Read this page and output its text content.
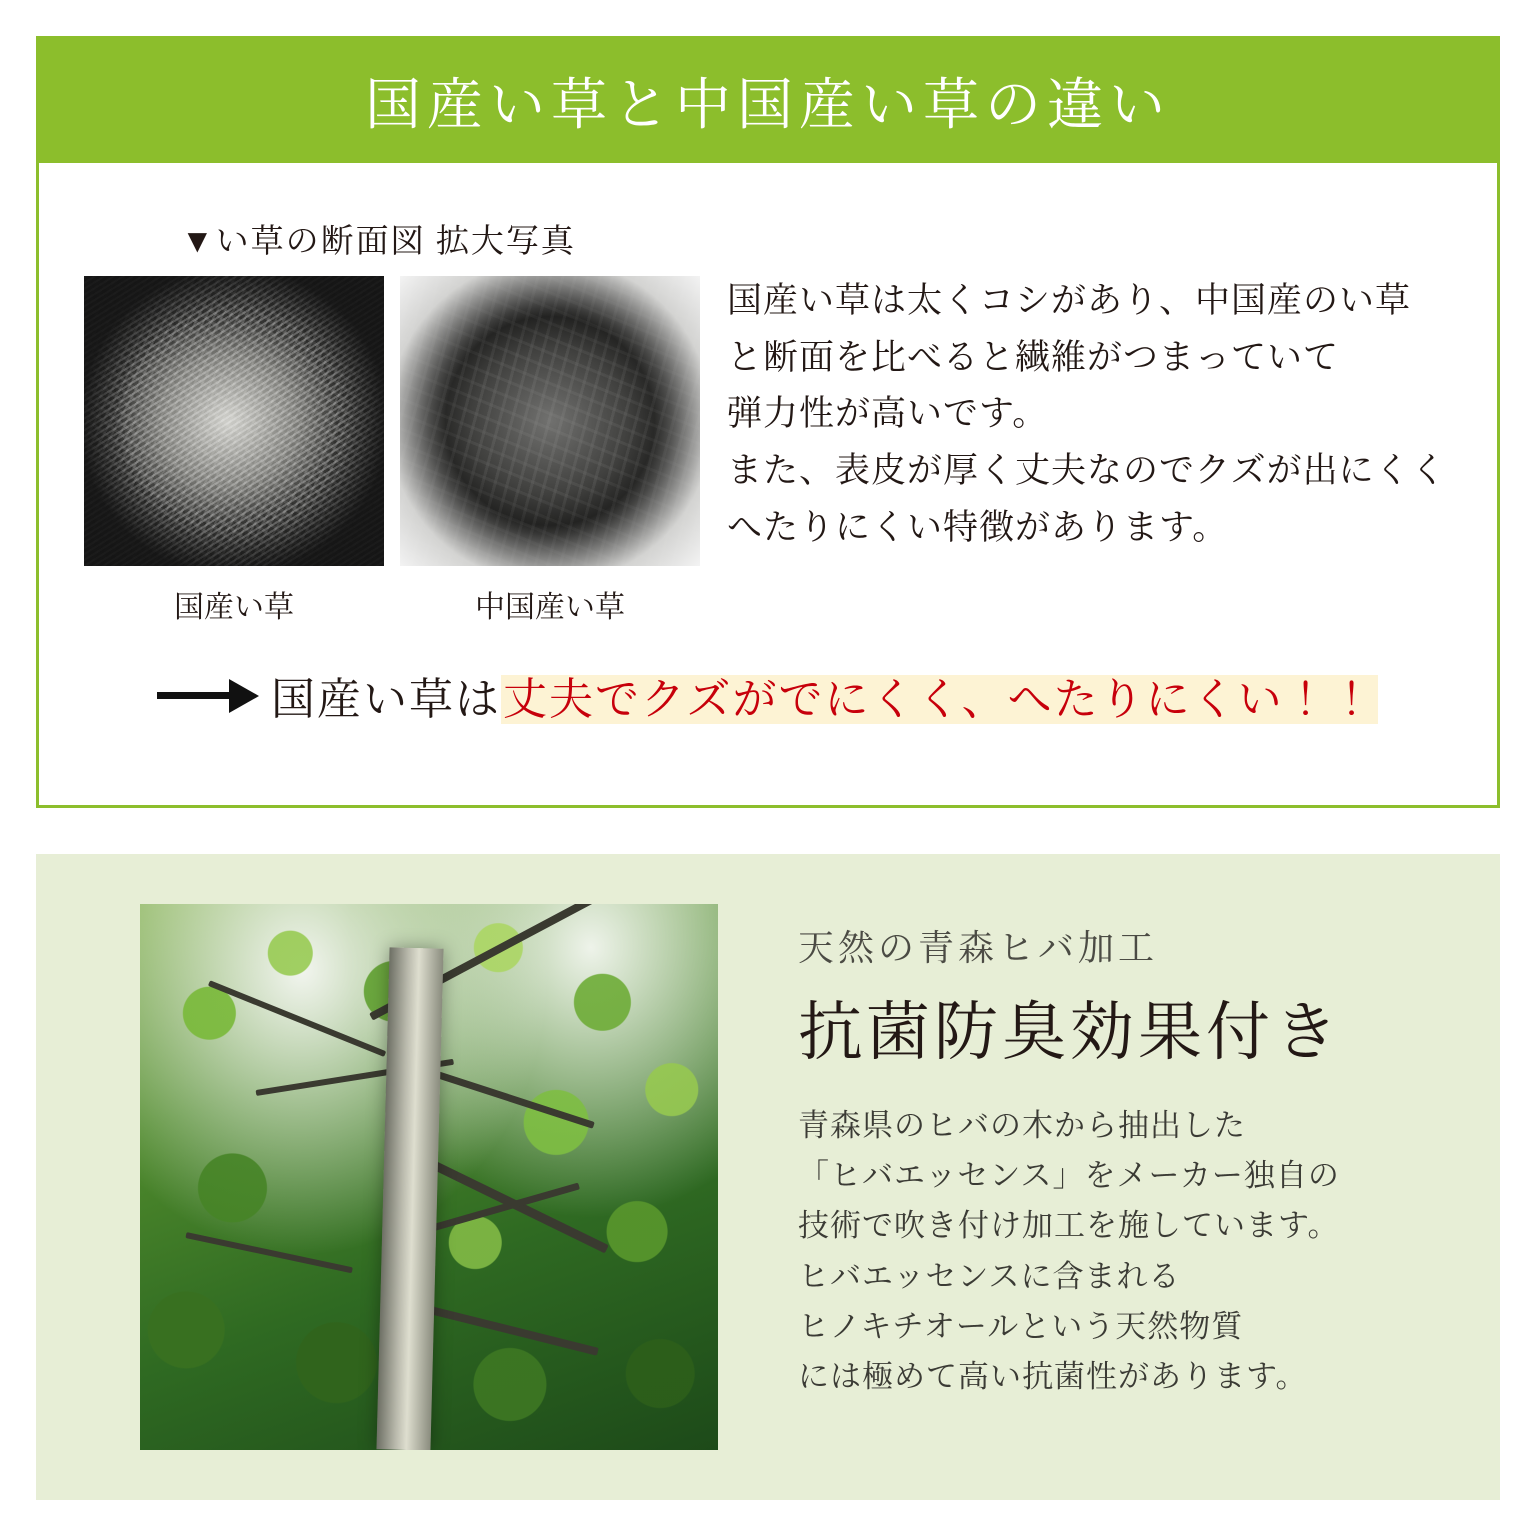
国産い草と中国産い草の違い
▼い草の断面図 拡大写真
国産い草	中国産い草
国産い草は太くコシがあり、中国産のい草
と断面を比べると繊維がつまっていて
弾力性が高いです。
また、表皮が厚く丈夫なのでクズが出にくく
へたりにくい特徴があります。
国産い草は丈夫でクズがでにくく、へたりにくい！！
天然の青森ヒバ加工
抗菌防臭効果付き
青森県のヒバの木から抽出した
「ヒバエッセンス」をメーカー独自の
技術で吹き付け加工を施しています。
ヒバエッセンスに含まれる
ヒノキチオールという天然物質
には極めて高い抗菌性があります。
